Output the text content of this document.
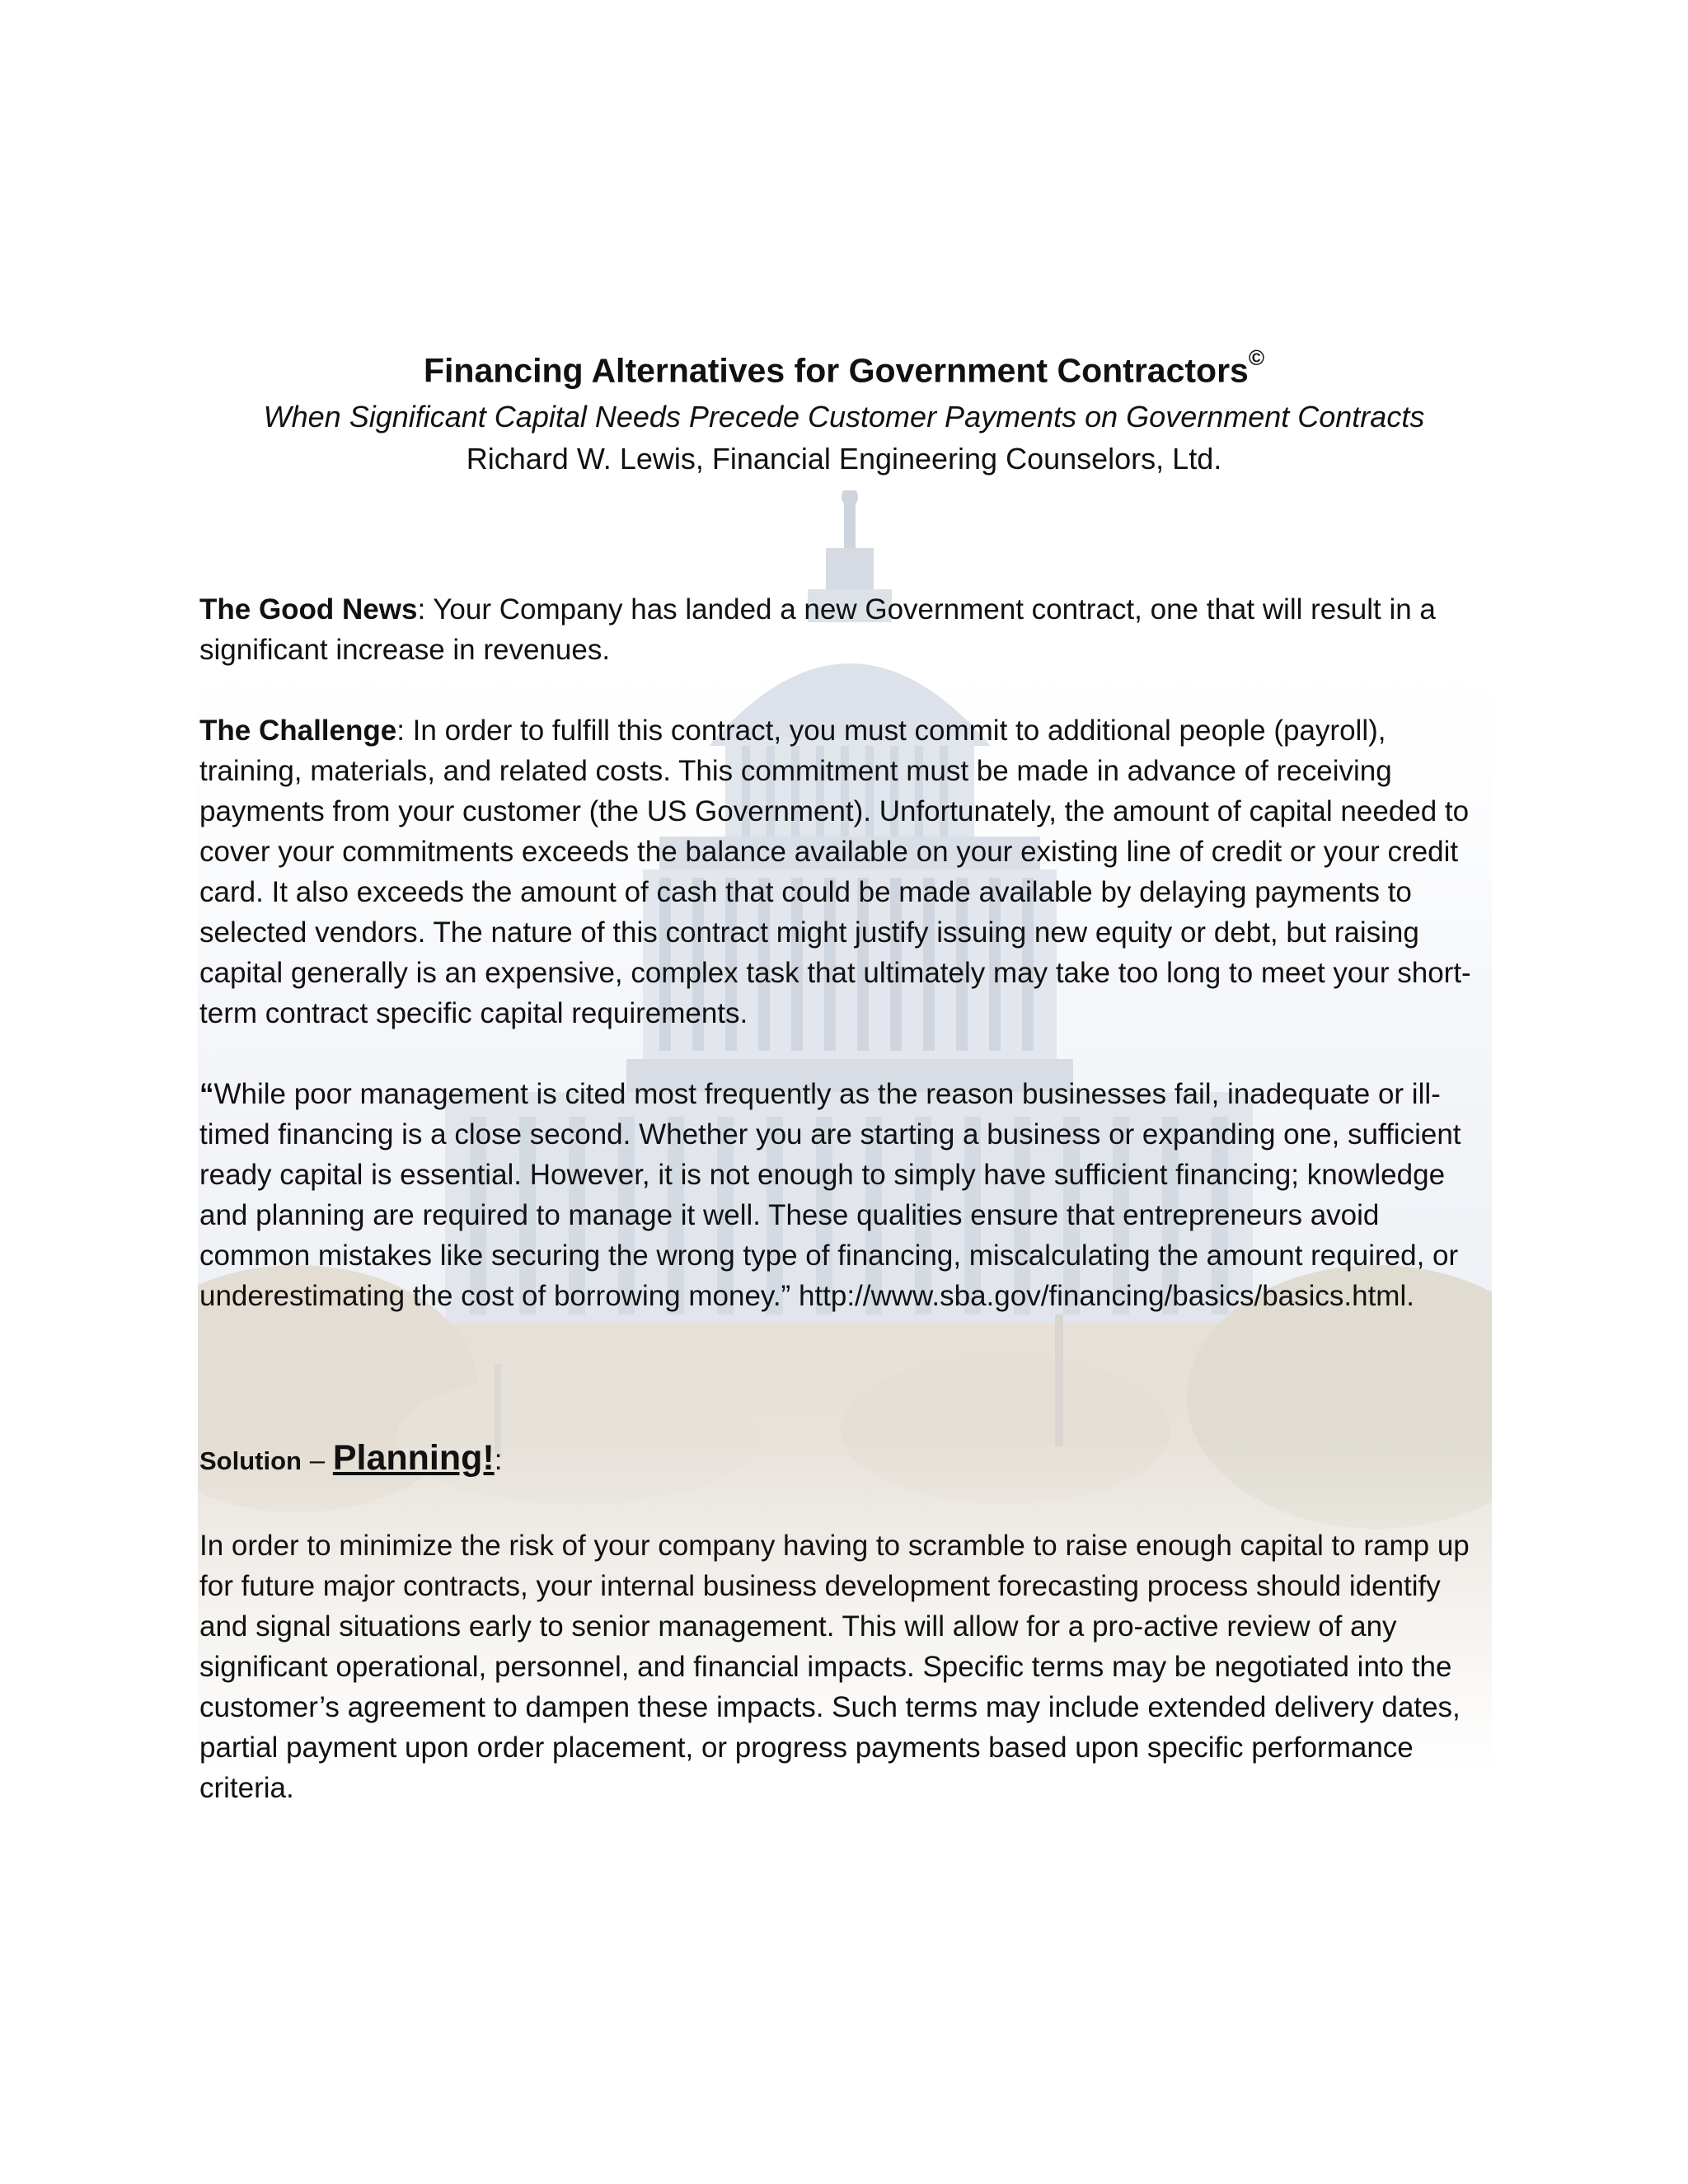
Financing Alternatives for Government Contractors©

When Significant Capital Needs Precede Customer Payments on Government Contracts

Richard W. Lewis, Financial Engineering Counselors, Ltd.

The Good News: Your Company has landed a new Government contract, one that will result in a significant increase in revenues.

The Challenge: In order to fulfill this contract, you must commit to additional people (payroll), training, materials, and related costs. This commitment must be made in advance of receiving payments from your customer (the US Government). Unfortunately, the amount of capital needed to cover your commitments exceeds the balance available on your existing line of credit or your credit card. It also exceeds the amount of cash that could be made available by delaying payments to selected vendors. The nature of this contract might justify issuing new equity or debt, but raising capital generally is an expensive, complex task that ultimately may take too long to meet your short-term contract specific capital requirements.

“While poor management is cited most frequently as the reason businesses fail, inadequate or ill-timed financing is a close second. Whether you are starting a business or expanding one, sufficient ready capital is essential. However, it is not enough to simply have sufficient financing; knowledge and planning are required to manage it well. These qualities ensure that entrepreneurs avoid common mistakes like securing the wrong type of financing, miscalculating the amount required, or underestimating the cost of borrowing money.” http://www.sba.gov/financing/basics/basics.html.

Solution – Planning!:

In order to minimize the risk of your company having to scramble to raise enough capital to ramp up for future major contracts, your internal business development forecasting process should identify and signal situations early to senior management. This will allow for a pro-active review of any significant operational, personnel, and financial impacts. Specific terms may be negotiated into the customer’s agreement to dampen these impacts. Such terms may include extended delivery dates, partial payment upon order placement, or progress payments based upon specific performance criteria.
